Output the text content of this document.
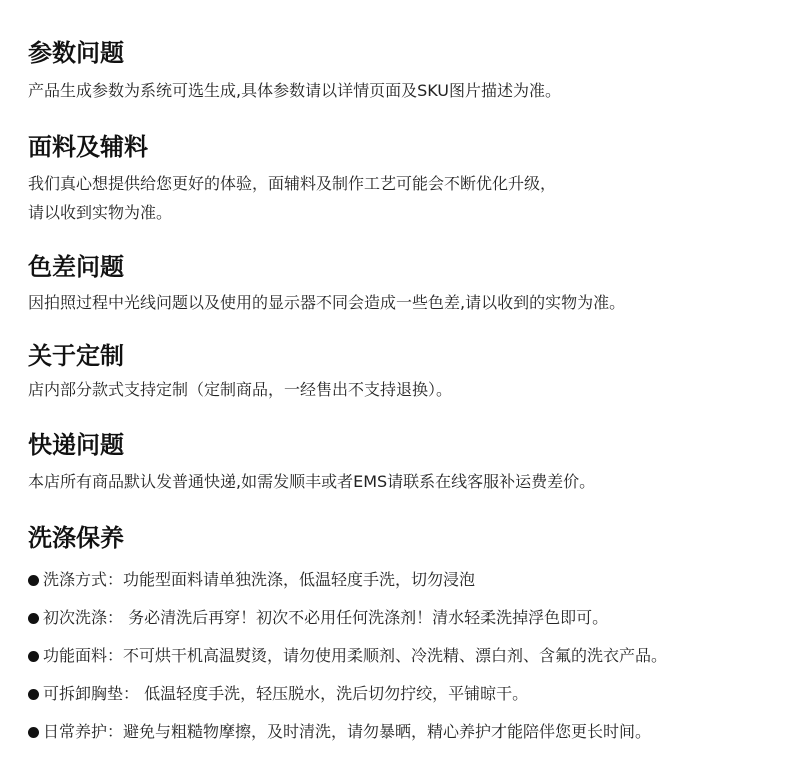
参数问题
产品生成参数为系统可选生成,具体参数请以详情页面及SKU图片描述为准。
面料及辅料
我们真心想提供给您更好的体验，面辅料及制作工艺可能会不断优化升级，
请以收到实物为准。
色差问题
因拍照过程中光线问题以及使用的显示器不同会造成一些色差,请以收到的实物为准。
关于定制
店内部分款式支持定制（定制商品，一经售出不支持退换）。
快递问题
本店所有商品默认发普通快递,如需发顺丰或者EMS请联系在线客服补运费差价。
洗涤保养
洗涤方式：功能型面料请单独洗涤，低温轻度手洗，切勿浸泡
初次洗涤： 务必清洗后再穿！初次不必用任何洗涤剂！清水轻柔洗掉浮色即可。
功能面料：不可烘干机高温熨烫，请勿使用柔顺剂、冷洗精、漂白剂、含氟的洗衣产品。
可拆卸胸垫： 低温轻度手洗，轻压脱水，洗后切勿拧绞，平铺晾干。
日常养护：避免与粗糙物摩擦，及时清洗，请勿暴晒，精心养护才能陪伴您更长时间。
